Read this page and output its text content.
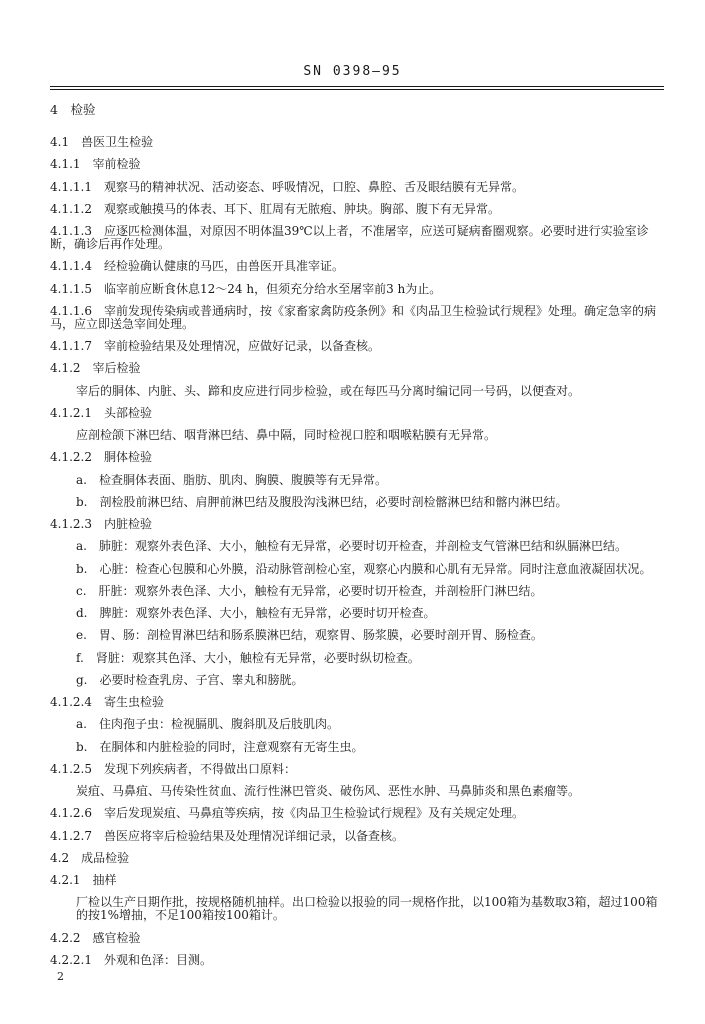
SN 0398—95
4　检验
4.1　兽医卫生检验
4.1.1　宰前检验
4.1.1.1　观察马的精神状况、活动姿态、呼吸情况，口腔、鼻腔、舌及眼结膜有无异常。
4.1.1.2　观察或触摸马的体表、耳下、肛周有无脓疱、肿块。胸部、腹下有无异常。
4.1.1.3　应逐匹检测体温，对原因不明体温39℃以上者，不准屠宰，应送可疑病畜圈观察。必要时进行实验室诊断，确诊后再作处理。
4.1.1.4　经检验确认健康的马匹，由兽医开具准宰证。
4.1.1.5　临宰前应断食休息12～24 h，但须充分给水至屠宰前3 h为止。
4.1.1.6　宰前发现传染病或普通病时，按《家畜家禽防疫条例》和《肉品卫生检验试行规程》处理。确定急宰的病马，应立即送急宰间处理。
4.1.1.7　宰前检验结果及处理情况，应做好记录，以备查核。
4.1.2　宰后检验
宰后的胴体、内脏、头、蹄和皮应进行同步检验，或在每匹马分离时编记同一号码，以便查对。
4.1.2.1　头部检验
应剖检颌下淋巴结、咽背淋巴结、鼻中隔，同时检视口腔和咽喉粘膜有无异常。
4.1.2.2　胴体检验
a.　检查胴体表面、脂肪、肌肉、胸膜、腹膜等有无异常。
b.　剖检股前淋巴结、肩胛前淋巴结及腹股沟浅淋巴结，必要时剖检髂淋巴结和髂内淋巴结。
4.1.2.3　内脏检验
a.　肺脏：观察外表色泽、大小，触检有无异常，必要时切开检查，并剖检支气管淋巴结和纵膈淋巴结。
b.　心脏：检查心包膜和心外膜，沿动脉管剖检心室，观察心内膜和心肌有无异常。同时注意血液凝固状况。
c.　肝脏：观察外表色泽、大小，触检有无异常，必要时切开检查，并剖检肝门淋巴结。
d.　脾脏：观察外表色泽、大小，触检有无异常，必要时切开检查。
e.　胃、肠：剖检胃淋巴结和肠系膜淋巴结，观察胃、肠浆膜，必要时剖开胃、肠检查。
f.　肾脏：观察其色泽、大小，触检有无异常，必要时纵切检查。
g.　必要时检查乳房、子宫、睾丸和膀胱。
4.1.2.4　寄生虫检验
a.　住肉孢子虫：检视膈肌、腹斜肌及后肢肌肉。
b.　在胴体和内脏检验的同时，注意观察有无寄生虫。
4.1.2.5　发现下列疾病者，不得做出口原料：
炭疽、马鼻疽、马传染性贫血、流行性淋巴管炎、破伤风、恶性水肿、马鼻肺炎和黑色素瘤等。
4.1.2.6　宰后发现炭疽、马鼻疽等疾病，按《肉品卫生检验试行规程》及有关规定处理。
4.1.2.7　兽医应将宰后检验结果及处理情况详细记录，以备查核。
4.2　成品检验
4.2.1　抽样
厂检以生产日期作批，按规格随机抽样。出口检验以报验的同一规格作批，以100箱为基数取3箱，超过100箱的按1%增抽，不足100箱按100箱计。
4.2.2　感官检验
4.2.2.1　外观和色泽：目测。
2
